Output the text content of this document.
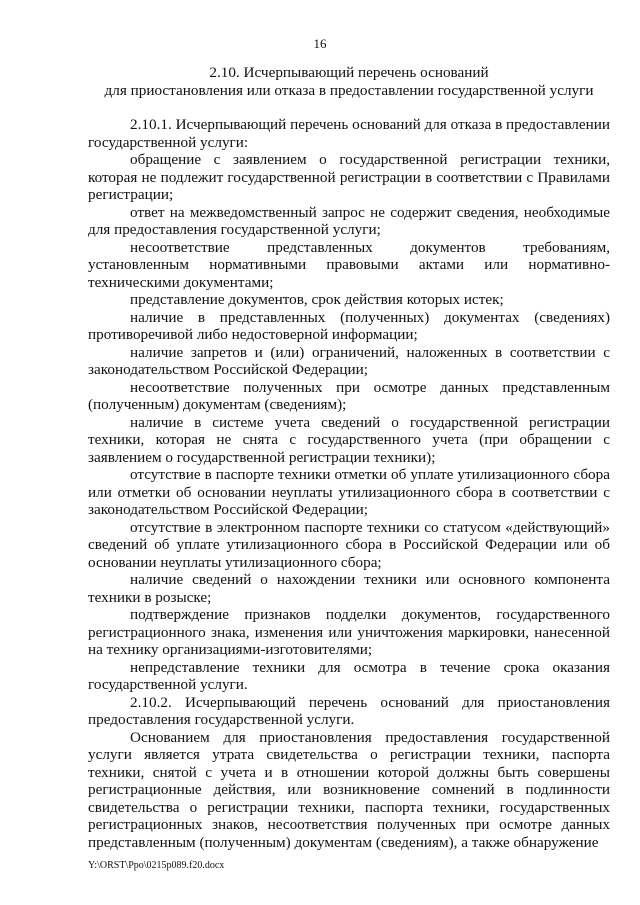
16
2.10. Исчерпывающий перечень оснований
для приостановления или отказа в предоставлении государственной услуги

2.10.1. Исчерпывающий перечень оснований для отказа в предоставлении государственной услуги:

обращение с заявлением о государственной регистрации техники, которая не подлежит государственной регистрации в соответствии с Правилами регистрации;

ответ на межведомственный запрос не содержит сведения, необходимые для предоставления государственной услуги;

несоответствие представленных документов требованиям, установленным нормативными правовыми актами или нормативно-техническими документами;

представление документов, срок действия которых истек;

наличие в представленных (полученных) документах (сведениях) противоречивой либо недостоверной информации;

наличие запретов и (или) ограничений, наложенных в соответствии с законодательством Российской Федерации;

несоответствие полученных при осмотре данных представленным (полученным) документам (сведениям);

наличие в системе учета сведений о государственной регистрации техники, которая не снята с государственного учета (при обращении с заявлением о государственной регистрации техники);

отсутствие в паспорте техники отметки об уплате утилизационного сбора или отметки об основании неуплаты утилизационного сбора в соответствии с законодательством Российской Федерации;

отсутствие в электронном паспорте техники со статусом «действующий» сведений об уплате утилизационного сбора в Российской Федерации или об основании неуплаты утилизационного сбора;

наличие сведений о нахождении техники или основного компонента техники в розыске;

подтверждение признаков подделки документов, государственного регистрационного знака, изменения или уничтожения маркировки, нанесенной на технику организациями-изготовителями;

непредставление техники для осмотра в течение срока оказания государственной услуги.

2.10.2. Исчерпывающий перечень оснований для приостановления предоставления государственной услуги.

Основанием для приостановления предоставления государственной услуги является утрата свидетельства о регистрации техники, паспорта техники, снятой с учета и в отношении которой должны быть совершены регистрационные действия, или возникновение сомнений в подлинности свидетельства о регистрации техники, паспорта техники, государственных регистрационных знаков, несоответствия полученных при осмотре данных представленным (полученным) документам (сведениям), а также обнаружение

Y:\ORST\Ppo\0215p089.f20.docx
